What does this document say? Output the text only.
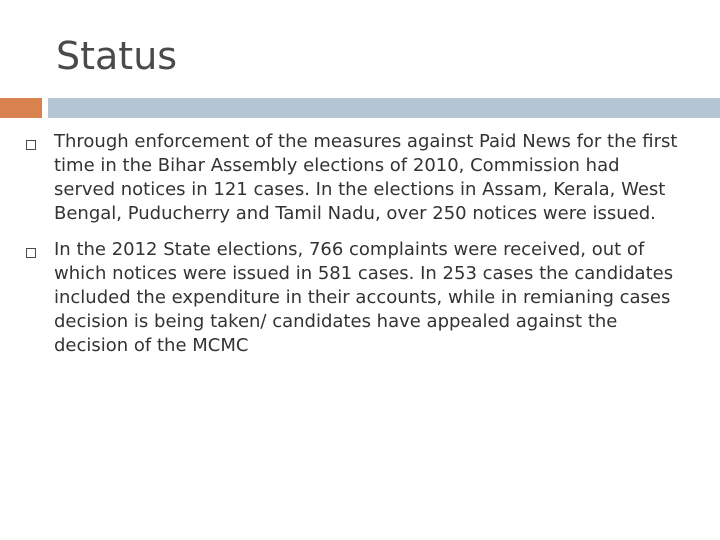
Status
Through enforcement of the measures against Paid News for the first time in the Bihar Assembly elections of 2010, Commission had served notices in 121 cases. In the elections in Assam, Kerala, West Bengal, Puducherry and Tamil Nadu, over 250 notices were issued.
In the 2012 State elections, 766 complaints were received, out of which notices were issued in 581 cases. In 253 cases the candidates included the expenditure in their accounts, while in remianing cases decision is being taken/ candidates have appealed against the decision of the MCMC
